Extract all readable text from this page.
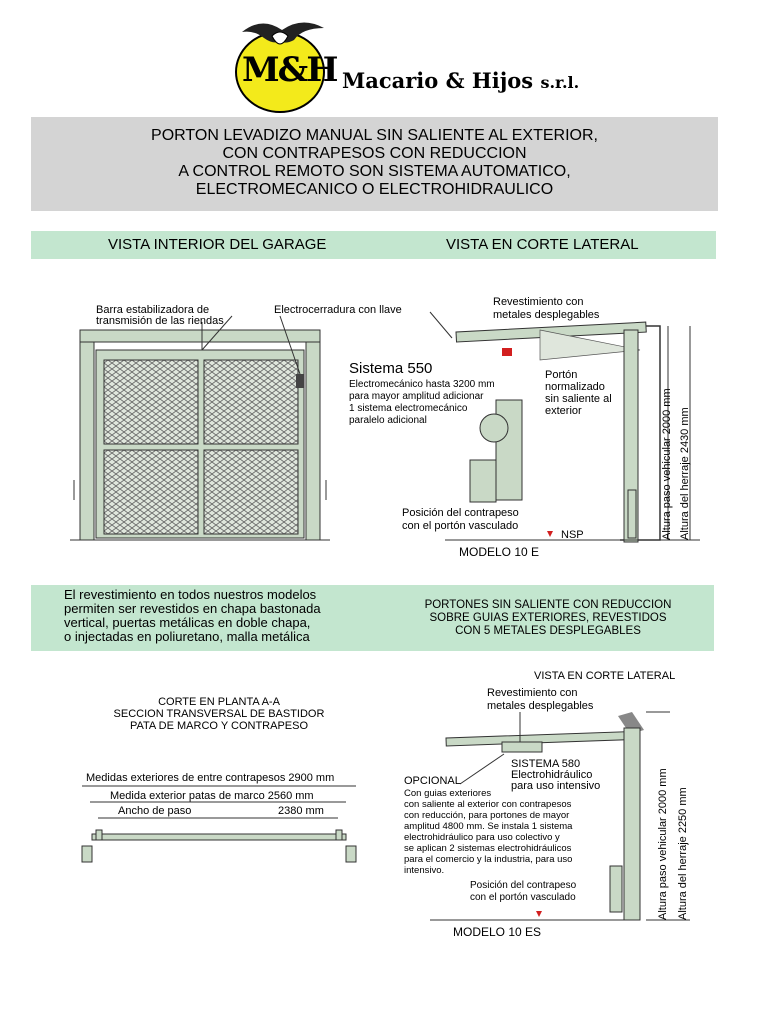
M&H Macario & Hijos s.r.l.
PORTON LEVADIZO MANUAL SIN SALIENTE AL EXTERIOR,
CON CONTRAPESOS CON REDUCCION
A CONTROL REMOTO SON SISTEMA AUTOMATICO,
ELECTROMECANICO O ELECTROHIDRAULICO
VISTA INTERIOR DEL GARAGE	VISTA EN CORTE LATERAL
Barra estabilizadora de
transmisión de las riendas
Electrocerradura con llave
Revestimiento con
metales desplegables
Sistema 550
Electromecánico hasta 3200 mm
para mayor amplitud adicionar
1 sistema electromecánico
paralelo adicional
Portón
normalizado
sin saliente al
exterior
Posición del contrapeso
con el portón vasculado
NSP
MODELO 10 E
Altura paso vehicular 2000 mm Altura del herraje 2430 mm
El revestimiento en todos nuestros modelos
permiten ser revestidos en chapa bastonada
vertical, puertas metálicas en doble chapa,
o injectadas en poliuretano, malla metálica
PORTONES SIN SALIENTE CON REDUCCION
SOBRE GUIAS EXTERIORES, REVESTIDOS
CON 5 METALES DESPLEGABLES
CORTE EN PLANTA A-A
SECCION TRANSVERSAL DE BASTIDOR
PATA DE MARCO Y CONTRAPESO
Medidas exteriores de entre contrapesos 2900 mm
Medida exterior patas de marco 2560 mm
Ancho de paso	2380 mm
VISTA EN CORTE LATERAL
Revestimiento con
metales desplegables
SISTEMA 580
Electrohidráulico
para uso intensivo
OPCIONAL
Con guias exteriores
con saliente al exterior con contrapesos
con reducción, para portones de mayor
amplitud 4800 mm. Se instala 1 sistema
electrohidráulico para uso colectivo y
se aplican 2 sistemas electrohidráulicos
para el comercio y la industria, para uso
intensivo.
Posición del contrapeso
con el portón vasculado
MODELO 10 ES
Altura paso vehicular 2000 mm Altura del herraje 2250 mm
